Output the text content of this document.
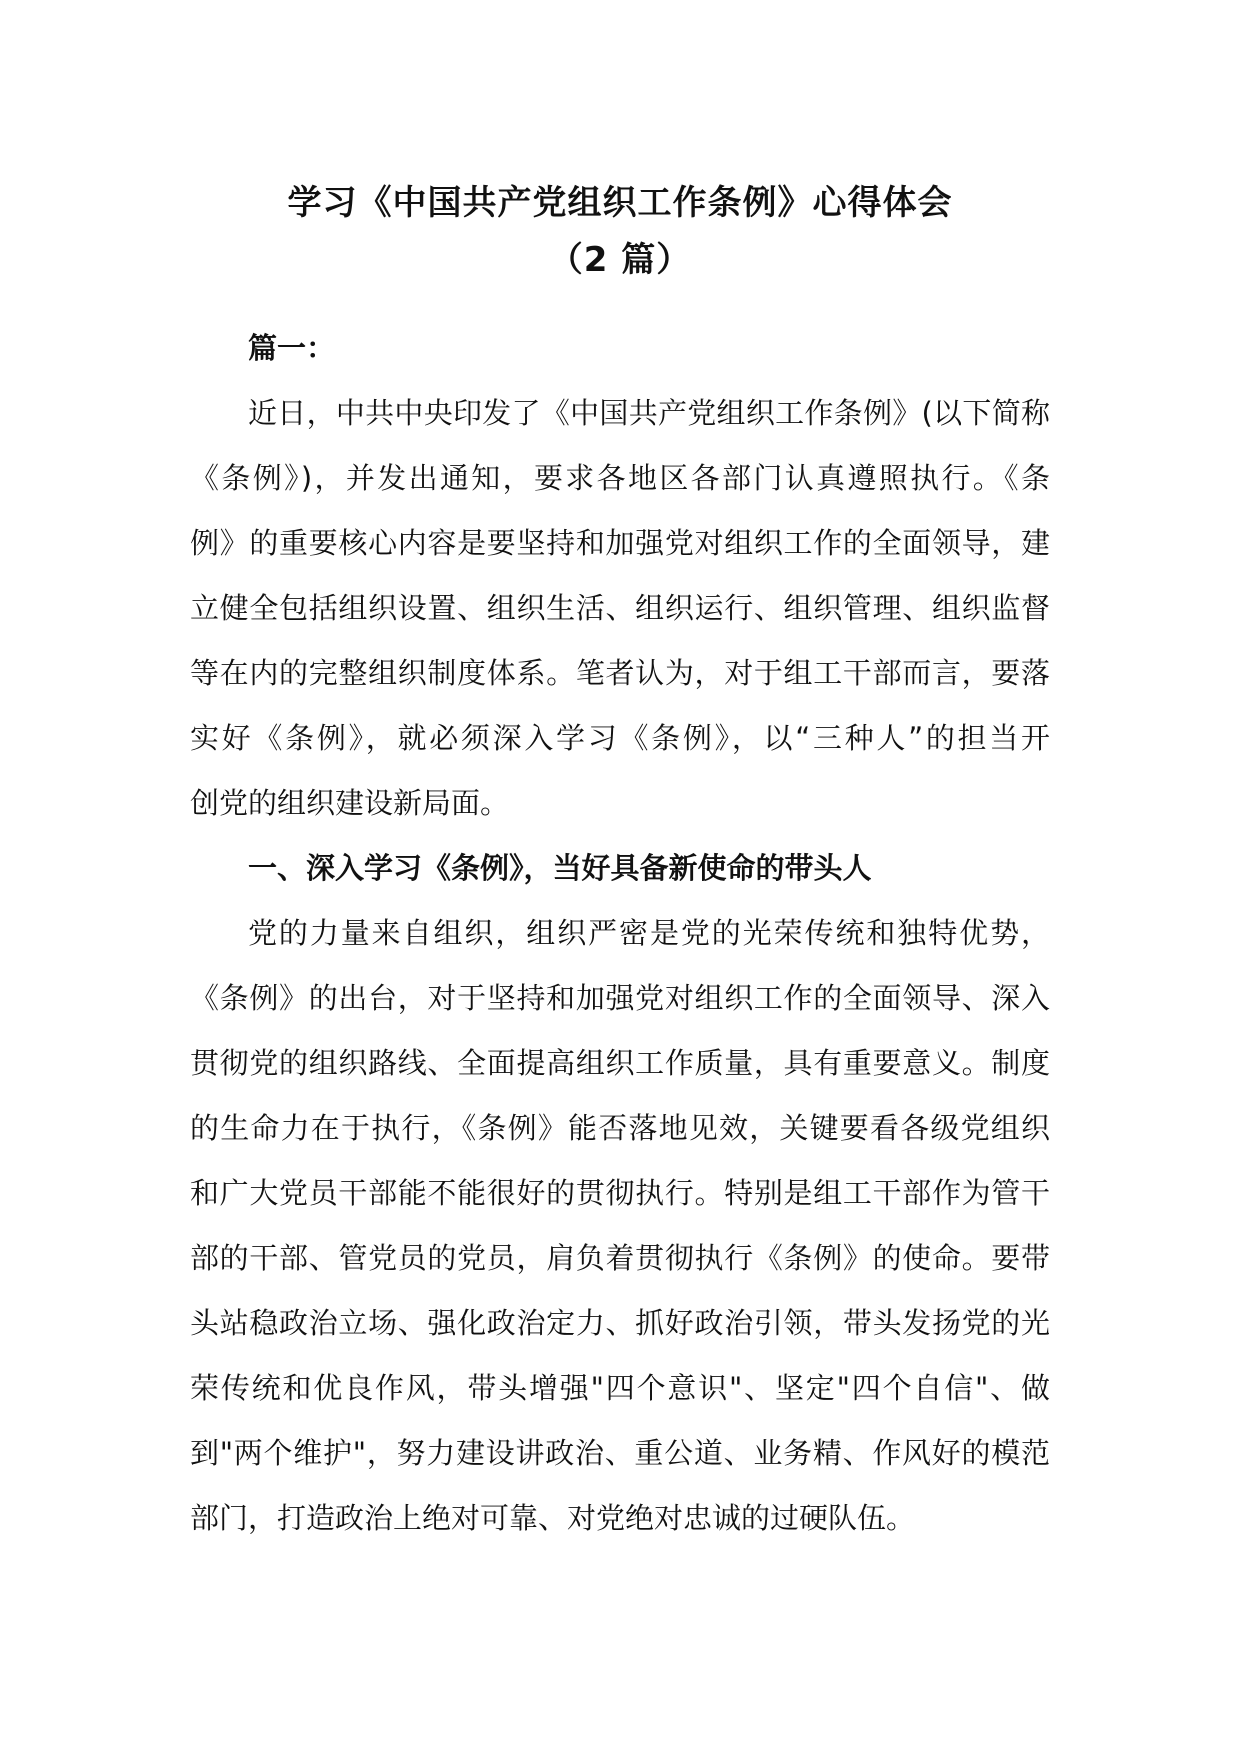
学习《中国共产党组织工作条例》心得体会
（2 篇）

篇一：

近日，中共中央印发了《中国共产党组织工作条例》(以下简称
《条例》)，并发出通知，要求各地区各部门认真遵照执行。《条
例》的重要核心内容是要坚持和加强党对组织工作的全面领导，建
立健全包括组织设置、组织生活、组织运行、组织管理、组织监督
等在内的完整组织制度体系。笔者认为，对于组工干部而言，要落
实好《条例》，就必须深入学习《条例》，以“三种人”的担当开
创党的组织建设新局面。

一、深入学习《条例》，当好具备新使命的带头人

党的力量来自组织，组织严密是党的光荣传统和独特优势，
《条例》的出台，对于坚持和加强党对组织工作的全面领导、深入
贯彻党的组织路线、全面提高组织工作质量，具有重要意义。制度
的生命力在于执行，《条例》能否落地见效，关键要看各级党组织
和广大党员干部能不能很好的贯彻执行。特别是组工干部作为管干
部的干部、管党员的党员，肩负着贯彻执行《条例》的使命。要带
头站稳政治立场、强化政治定力、抓好政治引领，带头发扬党的光
荣传统和优良作风，带头增强"四个意识"、坚定"四个自信"、做
到"两个维护"，努力建设讲政治、重公道、业务精、作风好的模范
部门，打造政治上绝对可靠、对党绝对忠诚的过硬队伍。
